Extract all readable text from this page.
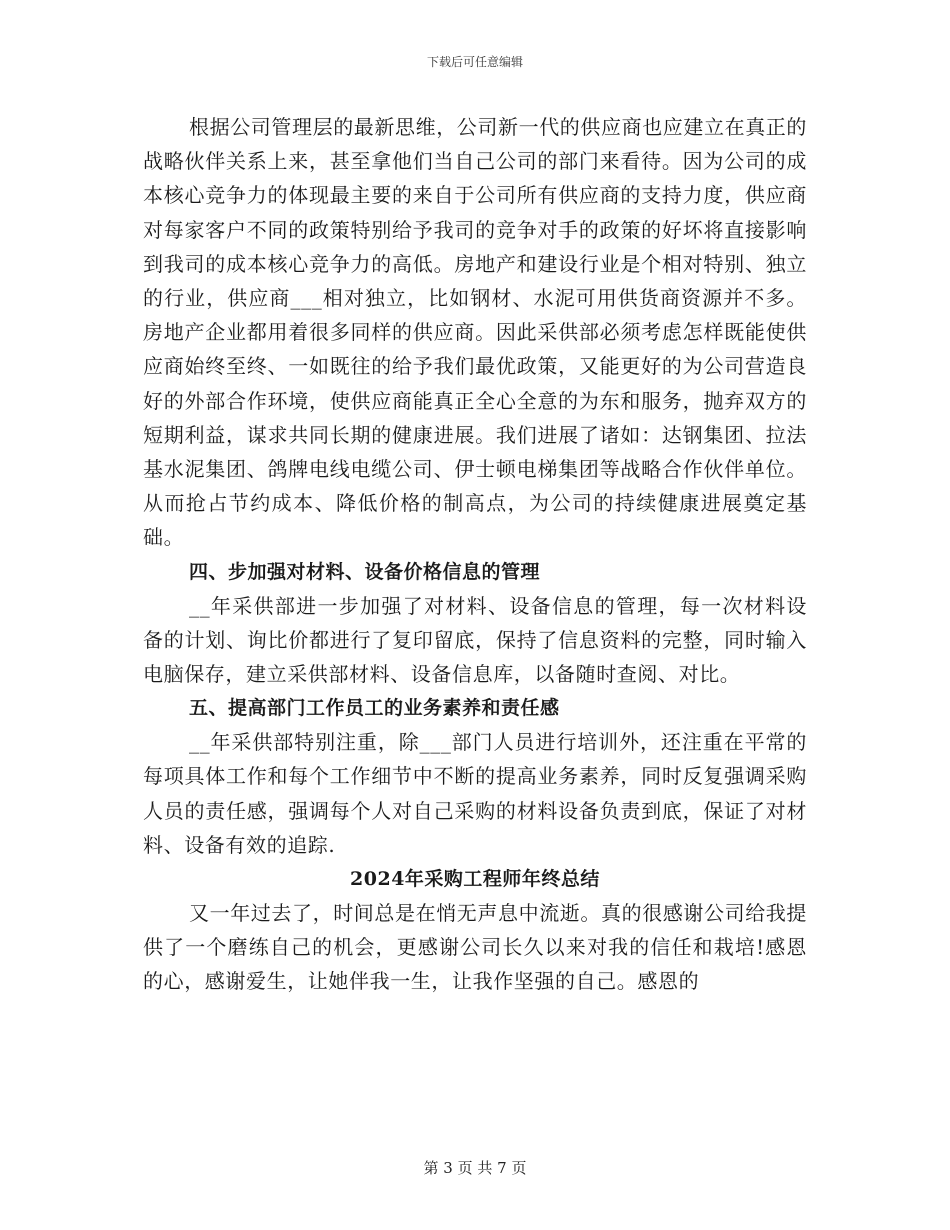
下载后可任意编辑

根据公司管理层的最新思维，公司新一代的供应商也应建立在真正的战略伙伴关系上来，甚至拿他们当自己公司的部门来看待。因为公司的成本核心竞争力的体现最主要的来自于公司所有供应商的支持力度，供应商对每家客户不同的政策特别给予我司的竞争对手的政策的好坏将直接影响到我司的成本核心竞争力的高低。房地产和建设行业是个相对特别、独立的行业，供应商___相对独立，比如钢材、水泥可用供货商资源并不多。房地产企业都用着很多同样的供应商。因此采供部必须考虑怎样既能使供应商始终至终、一如既往的给予我们最优政策，又能更好的为公司营造良好的外部合作环境，使供应商能真正全心全意的为东和服务，抛弃双方的短期利益，谋求共同长期的健康进展。我们进展了诸如：达钢集团、拉法基水泥集团、鸽牌电线电缆公司、伊士顿电梯集团等战略合作伙伴单位。从而抢占节约成本、降低价格的制高点，为公司的持续健康进展奠定基础。

四、步加强对材料、设备价格信息的管理

__年采供部进一步加强了对材料、设备信息的管理，每一次材料设备的计划、询比价都进行了复印留底，保持了信息资料的完整，同时输入电脑保存，建立采供部材料、设备信息库，以备随时查阅、对比。

五、提高部门工作员工的业务素养和责任感

__年采供部特别注重，除___部门人员进行培训外，还注重在平常的每项具体工作和每个工作细节中不断的提高业务素养，同时反复强调采购人员的责任感，强调每个人对自己采购的材料设备负责到底，保证了对材料、设备有效的追踪.

2024年采购工程师年终总结

又一年过去了，时间总是在悄无声息中流逝。真的很感谢公司给我提供了一个磨练自己的机会，更感谢公司长久以来对我的信任和栽培!感恩的心，感谢爱生，让她伴我一生，让我作坚强的自己。感恩的

第 3 页 共 7 页
